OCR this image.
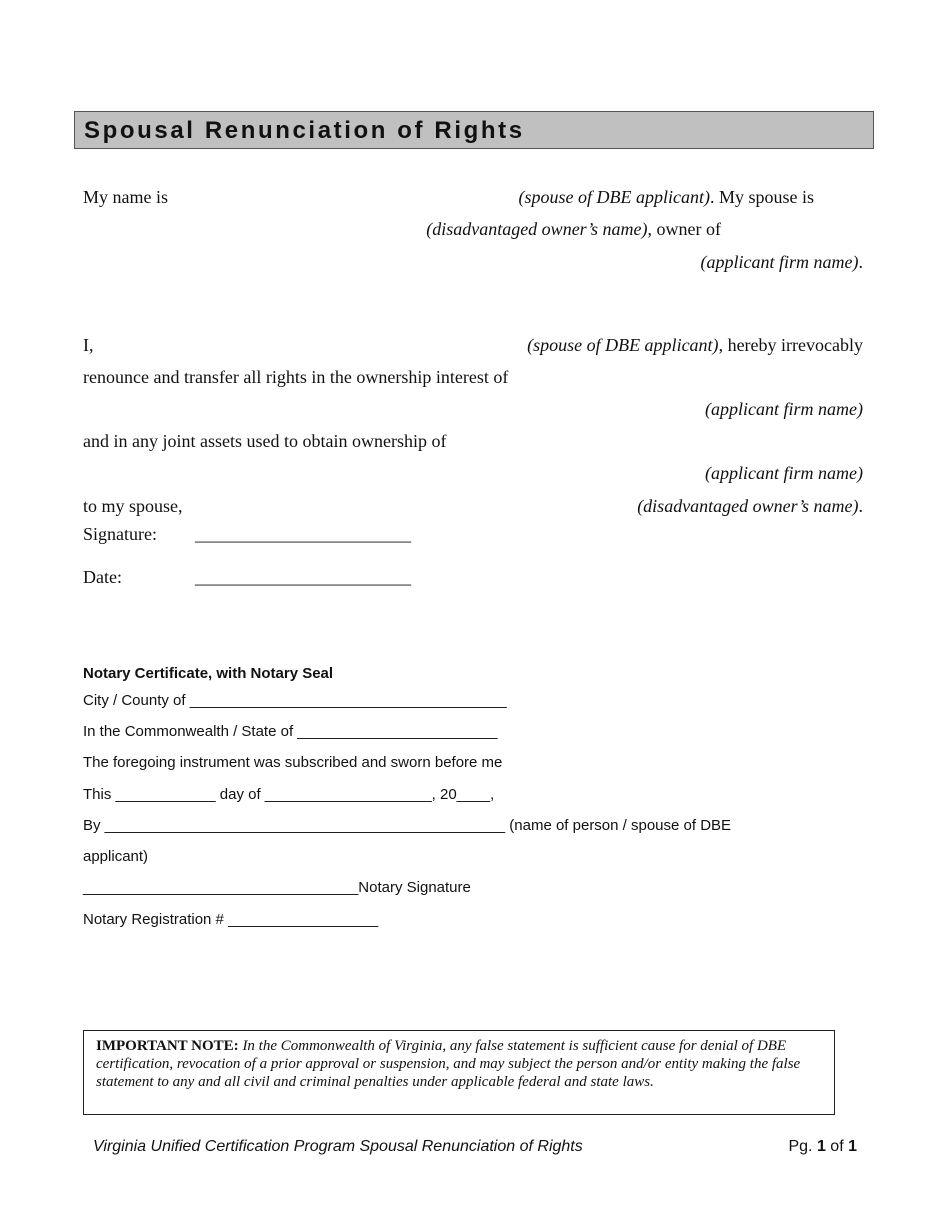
Spousal Renunciation of Rights
My name is	(spouse of DBE applicant). My spouse is
(disadvantaged owner’s name), owner of
(applicant firm name).
I,	(spouse of DBE applicant), hereby irrevocably
renounce and transfer all rights in the ownership interest of
(applicant firm name)
and in any joint assets used to obtain ownership of
(applicant firm name)
to my spouse,	(disadvantaged owner’s name).
Signature: ________________________
Date:	________________________
Notary Certificate, with Notary Seal
City / County of ______________________________________
In the Commonwealth / State of ________________________
The foregoing instrument was subscribed and sworn before me
This ____________ day of ____________________, 20____,
By ________________________________________________ (name of person / spouse of DBE
applicant)
_________________________________Notary Signature
Notary Registration # __________________
IMPORTANT NOTE: In the Commonwealth of Virginia, any false statement is sufficient cause for denial of DBE certification, revocation of a prior approval or suspension, and may subject the person and/or entity making the false statement to any and all civil and criminal penalties under applicable federal and state laws.
Virginia Unified Certification Program Spousal Renunciation of Rights	Pg. 1 of 1
